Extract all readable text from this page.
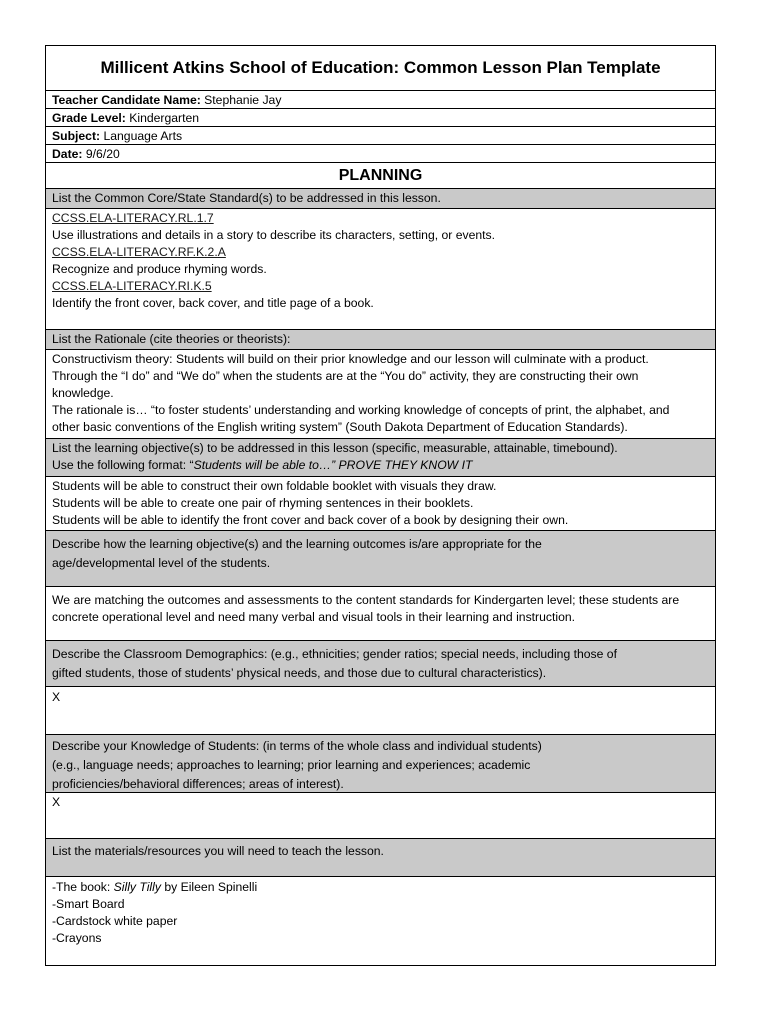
Millicent Atkins School of Education: Common Lesson Plan Template
Teacher Candidate Name: Stephanie Jay
Grade Level: Kindergarten
Subject: Language Arts
Date: 9/6/20
PLANNING
List the Common Core/State Standard(s) to be addressed in this lesson.
CCSS.ELA-LITERACY.RL.1.7
Use illustrations and details in a story to describe its characters, setting, or events.
CCSS.ELA-LITERACY.RF.K.2.A
Recognize and produce rhyming words.
CCSS.ELA-LITERACY.RI.K.5
Identify the front cover, back cover, and title page of a book.
List the Rationale (cite theories or theorists):
Constructivism theory: Students will build on their prior knowledge and our lesson will culminate with a product.
Through the “I do” and “We do” when the students are at the “You do” activity, they are constructing their own
knowledge.
The rationale is… “to foster students’ understanding and working knowledge of concepts of print, the alphabet, and
other basic conventions of the English writing system” (South Dakota Department of Education Standards).
List the learning objective(s) to be addressed in this lesson (specific, measurable, attainable, timebound).
Use the following format: “Students will be able to…” PROVE THEY KNOW IT
Students will be able to construct their own foldable booklet with visuals they draw.
Students will be able to create one pair of rhyming sentences in their booklets.
Students will be able to identify the front cover and back cover of a book by designing their own.
Describe how the learning objective(s) and the learning outcomes is/are appropriate for the
age/developmental level of the students.
We are matching the outcomes and assessments to the content standards for Kindergarten level; these students are
concrete operational level and need many verbal and visual tools in their learning and instruction.
Describe the Classroom Demographics: (e.g., ethnicities; gender ratios; special needs, including those of
gifted students, those of students’ physical needs, and those due to cultural characteristics).
X
Describe your Knowledge of Students: (in terms of the whole class and individual students)
(e.g., language needs; approaches to learning; prior learning and experiences; academic
proficiencies/behavioral differences; areas of interest).
X
List the materials/resources you will need to teach the lesson.
-The book: Silly Tilly by Eileen Spinelli
-Smart Board
-Cardstock white paper
-Crayons
